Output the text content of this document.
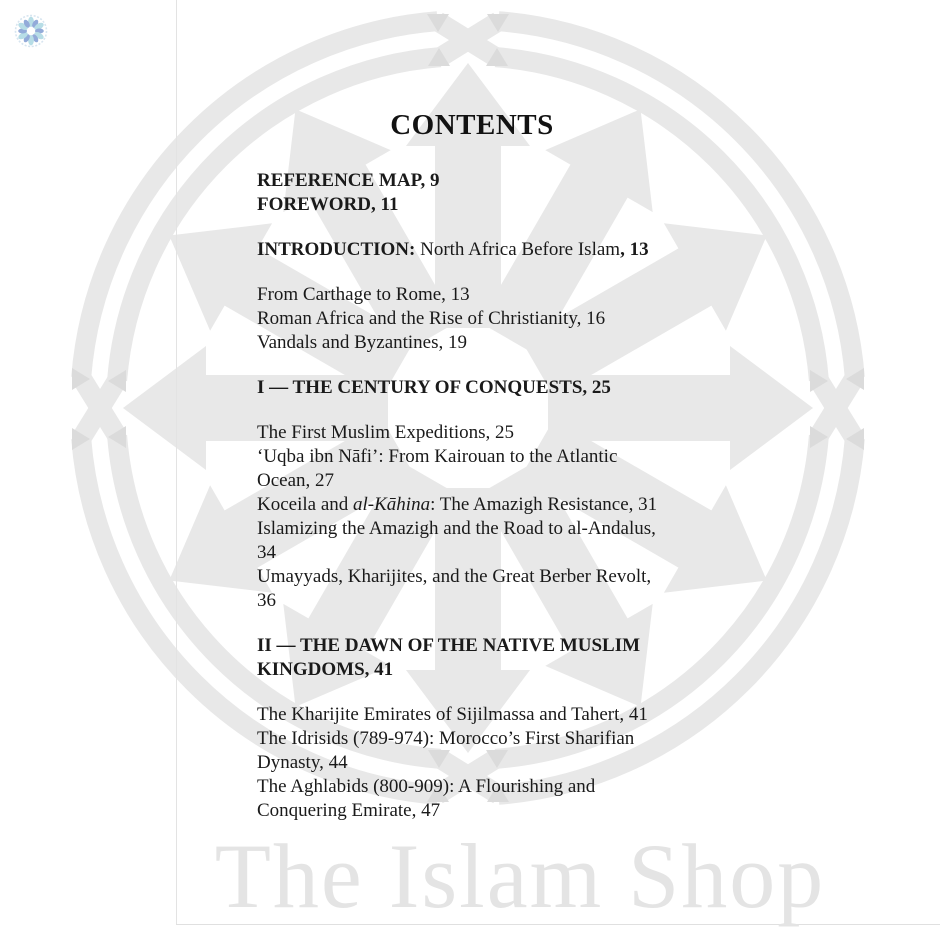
The Islam Shop
CONTENTS
REFERENCE MAP, 9
FOREWORD, 11
INTRODUCTION: North Africa Before Islam, 13
From Carthage to Rome, 13
Roman Africa and the Rise of Christianity, 16
Vandals and Byzantines, 19
I — THE CENTURY OF CONQUESTS, 25
The First Muslim Expeditions, 25
‘Uqba ibn Nāfi’: From Kairouan to the Atlantic
Ocean, 27
Koceila and al-Kāhina: The Amazigh Resistance, 31
Islamizing the Amazigh and the Road to al-Andalus,
34
Umayyads, Kharijites, and the Great Berber Revolt,
36
II — THE DAWN OF THE NATIVE MUSLIM
KINGDOMS, 41
The Kharijite Emirates of Sijilmassa and Tahert, 41
The Idrisids (789-974): Morocco’s First Sharifian
Dynasty, 44
The Aghlabids (800-909): A Flourishing and
Conquering Emirate, 47
